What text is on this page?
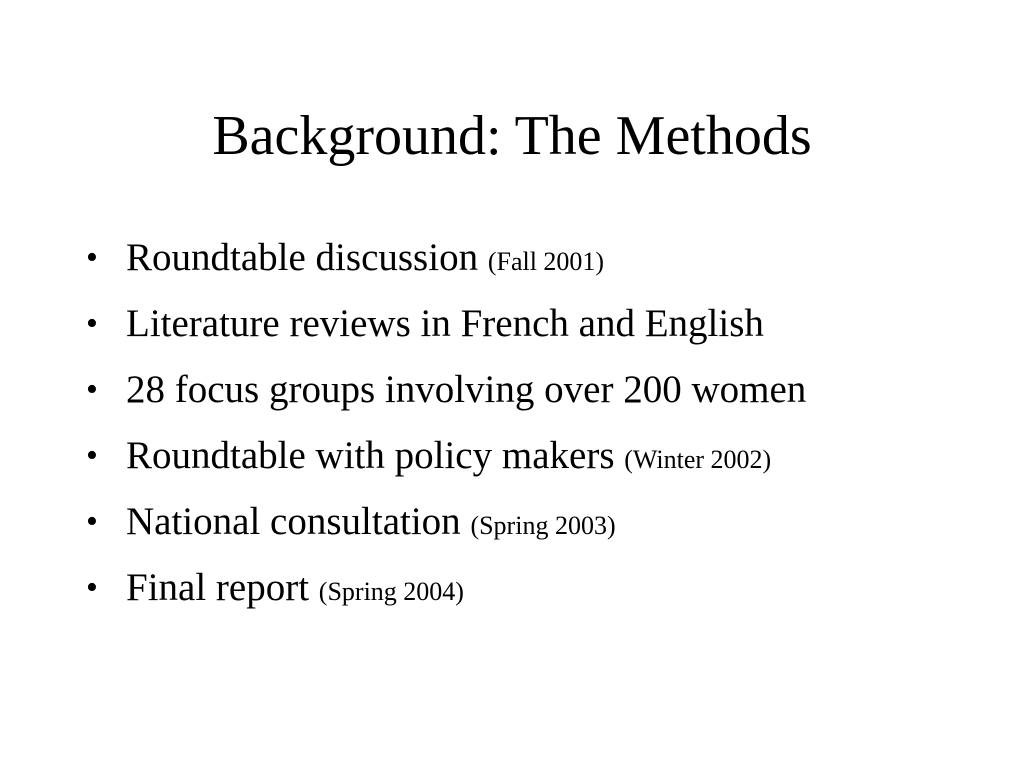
Background: The Methods
• Roundtable discussion (Fall 2001)
• Literature reviews in French and English
• 28 focus groups involving over 200 women
• Roundtable with policy makers (Winter 2002)
• National consultation (Spring 2003)
• Final report (Spring 2004)
